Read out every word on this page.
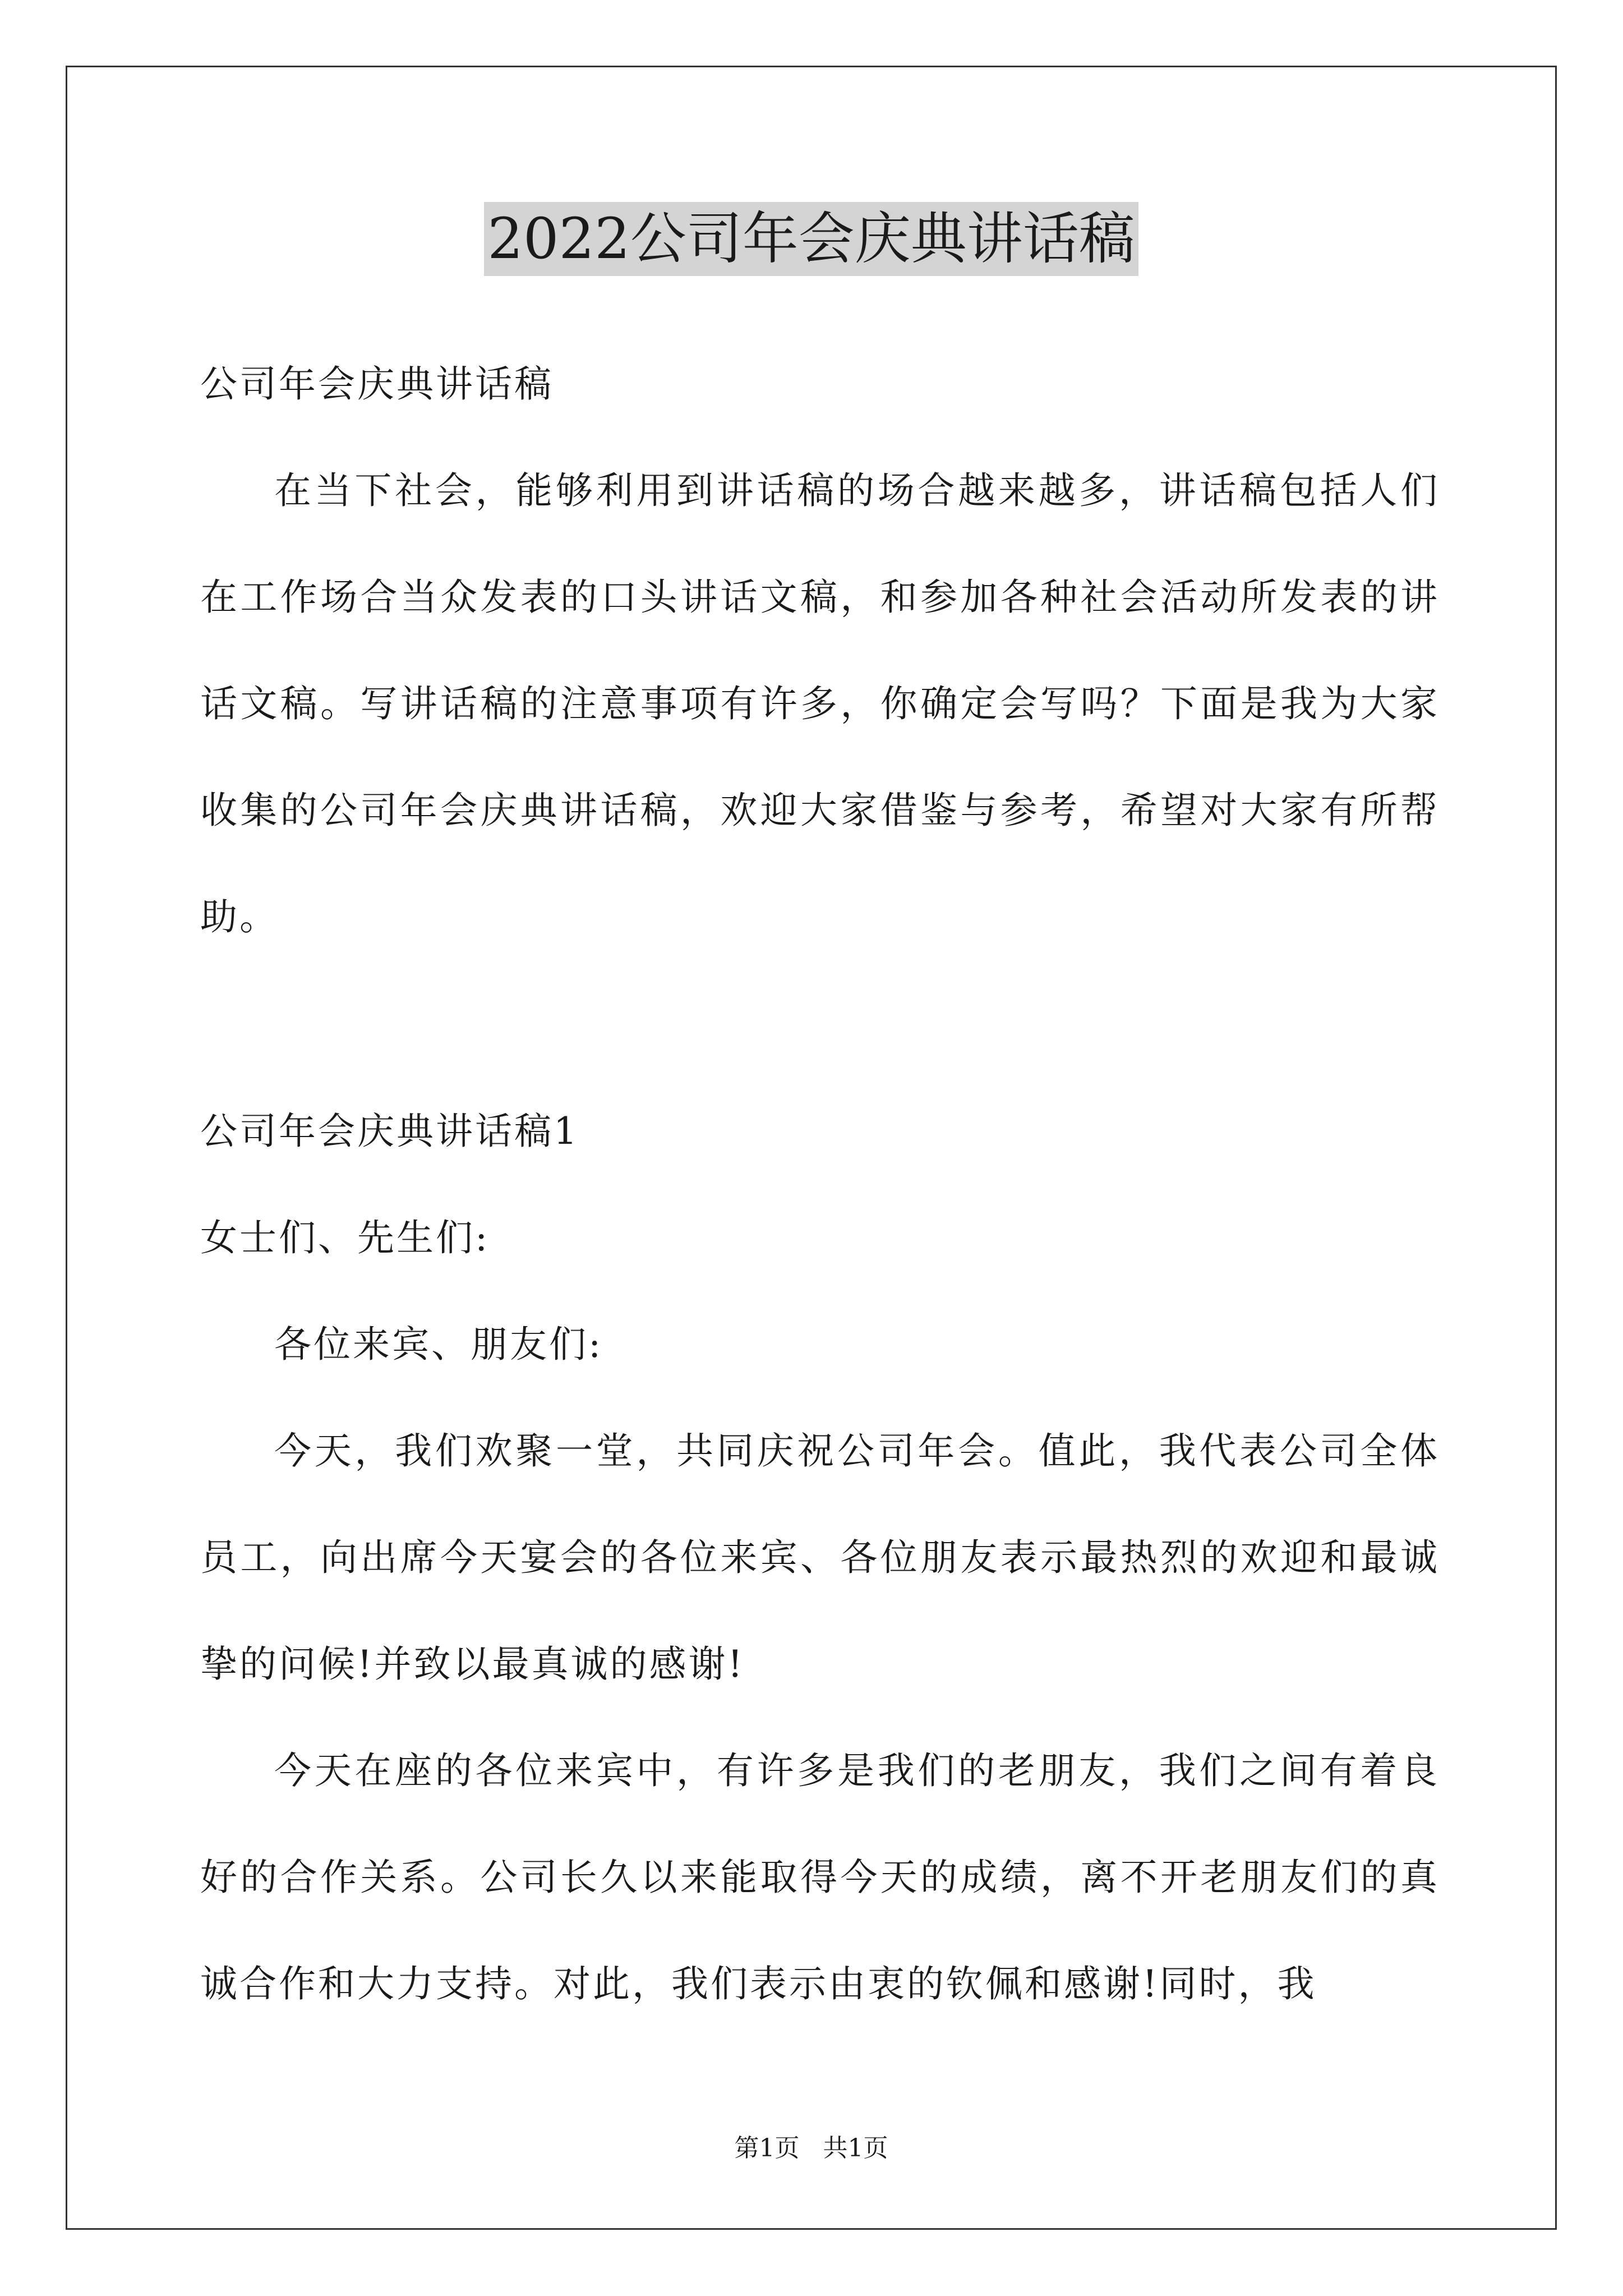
2022公司年会庆典讲话稿

公司年会庆典讲话稿

在当下社会，能够利用到讲话稿的场合越来越多，讲话稿包括人们在工作场合当众发表的口头讲话文稿，和参加各种社会活动所发表的讲话文稿。写讲话稿的注意事项有许多，你确定会写吗？下面是我为大家收集的公司年会庆典讲话稿，欢迎大家借鉴与参考，希望对大家有所帮助。

公司年会庆典讲话稿1

女士们、先生们:

各位来宾、朋友们:

今天，我们欢聚一堂，共同庆祝公司年会。值此，我代表公司全体员工，向出席今天宴会的各位来宾、各位朋友表示最热烈的欢迎和最诚挚的问候!并致以最真诚的感谢!

今天在座的各位来宾中，有许多是我们的老朋友，我们之间有着良好的合作关系。公司长久以来能取得今天的成绩，离不开老朋友们的真诚合作和大力支持。对此，我们表示由衷的钦佩和感谢!同时，我

第1页 共1页
